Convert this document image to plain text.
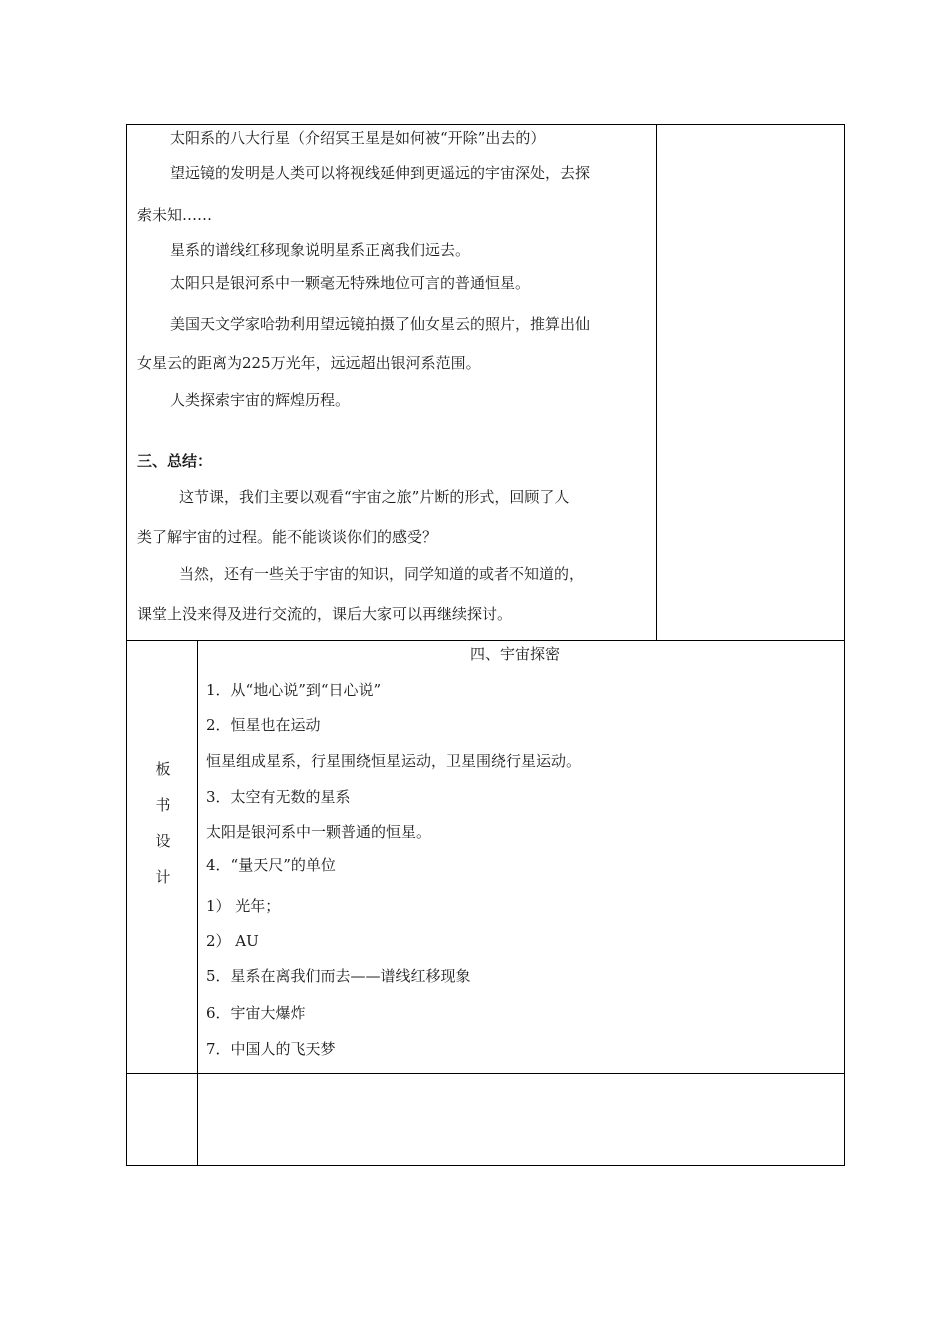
太阳系的八大行星（介绍冥王星是如何被“开除”出去的）
望远镜的发明是人类可以将视线延伸到更遥远的宇宙深处，去探
索未知……
星系的谱线红移现象说明星系正离我们远去。
太阳只是银河系中一颗毫无特殊地位可言的普通恒星。
美国天文学家哈勃利用望远镜拍摄了仙女星云的照片，推算出仙
女星云的距离为225万光年，远远超出银河系范围。
人类探索宇宙的辉煌历程。
三、总结：
这节课，我们主要以观看“宇宙之旅”片断的形式，回顾了人
类了解宇宙的过程。能不能谈谈你们的感受？
当然，还有一些关于宇宙的知识，同学知道的或者不知道的，
课堂上没来得及进行交流的，课后大家可以再继续探讨。
板
书
设
计
四、宇宙探密
1．从“地心说”到“日心说”
2．恒星也在运动
恒星组成星系，行星围绕恒星运动，卫星围绕行星运动。
3．太空有无数的星系
太阳是银河系中一颗普通的恒星。
4．“量天尺”的单位
1） 光年；
2） AU
5．星系在离我们而去——谱线红移现象
6．宇宙大爆炸
7．中国人的飞天梦
